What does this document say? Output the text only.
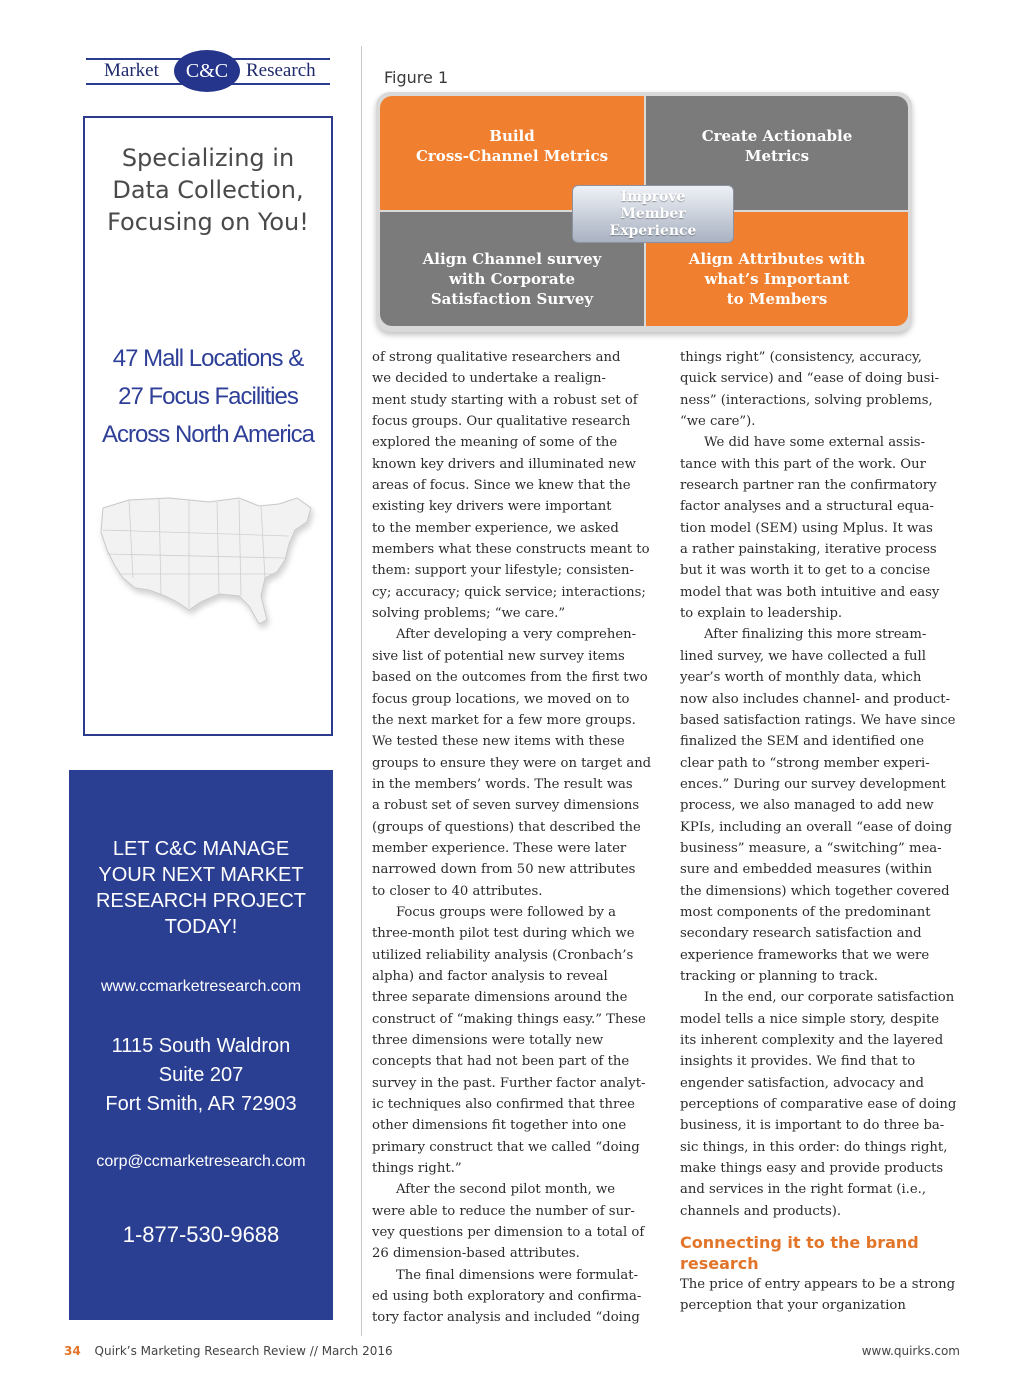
Market	C&C Research
Specializing in
Data Collection,
Focusing on You!
47 Mall Locations &
27 Focus Facilities
Across North America
LET C&C MANAGE
YOUR NEXT MARKET
RESEARCH PROJECT
TODAY!
www.ccmarketresearch.com
1115 South Waldron
Suite 207
Fort Smith, AR 72903
corp@ccmarketresearch.com
1-877-530-9688
Figure 1
Build
Cross-Channel Metrics
Create Actionable
Metrics
Align Channel survey
with Corporate
Satisfaction Survey
Align Attributes with
what’s Important
to Members
Improve
Member
Experience
of strong qualitative researchers and
we decided to undertake a realign-
ment study starting with a robust set of
focus groups. Our qualitative research
explored the meaning of some of the
known key drivers and illuminated new
areas of focus. Since we knew that the
existing key drivers were important
to the member experience, we asked
members what these constructs meant to
them: support your lifestyle; consisten-
cy; accuracy; quick service; interactions;
solving problems; “we care.”
After developing a very comprehen-
sive list of potential new survey items
based on the outcomes from the first two
focus group locations, we moved on to
the next market for a few more groups.
We tested these new items with these
groups to ensure they were on target and
in the members’ words. The result was
a robust set of seven survey dimensions
(groups of questions) that described the
member experience. These were later
narrowed down from 50 new attributes
to closer to 40 attributes.
Focus groups were followed by a
three-month pilot test during which we
utilized reliability analysis (Cronbach’s
alpha) and factor analysis to reveal
three separate dimensions around the
construct of “making things easy.” These
three dimensions were totally new
concepts that had not been part of the
survey in the past. Further factor analyt-
ic techniques also confirmed that three
other dimensions fit together into one
primary construct that we called “doing
things right.”
After the second pilot month, we
were able to reduce the number of sur-
vey questions per dimension to a total of
26 dimension-based attributes.
The final dimensions were formulat-
ed using both exploratory and confirma-
tory factor analysis and included “doing
things right” (consistency, accuracy,
quick service) and “ease of doing busi-
ness” (interactions, solving problems,
“we care”).
We did have some external assis-
tance with this part of the work. Our
research partner ran the confirmatory
factor analyses and a structural equa-
tion model (SEM) using Mplus. It was
a rather painstaking, iterative process
but it was worth it to get to a concise
model that was both intuitive and easy
to explain to leadership.
After finalizing this more stream-
lined survey, we have collected a full
year’s worth of monthly data, which
now also includes channel- and product-
based satisfaction ratings. We have since
finalized the SEM and identified one
clear path to “strong member experi-
ences.” During our survey development
process, we also managed to add new
KPIs, including an overall “ease of doing
business” measure, a “switching” mea-
sure and embedded measures (within
the dimensions) which together covered
most components of the predominant
secondary research satisfaction and
experience frameworks that we were
tracking or planning to track.
In the end, our corporate satisfaction
model tells a nice simple story, despite
its inherent complexity and the layered
insights it provides. We find that to
engender satisfaction, advocacy and
perceptions of comparative ease of doing
business, it is important to do three ba-
sic things, in this order: do things right,
make things easy and provide products
and services in the right format (i.e.,
channels and products).
Connecting it to the brand
research
The price of entry appears to be a strong
perception that your organization
34 Quirk’s Marketing Research Review // March 2016	www.quirks.com
